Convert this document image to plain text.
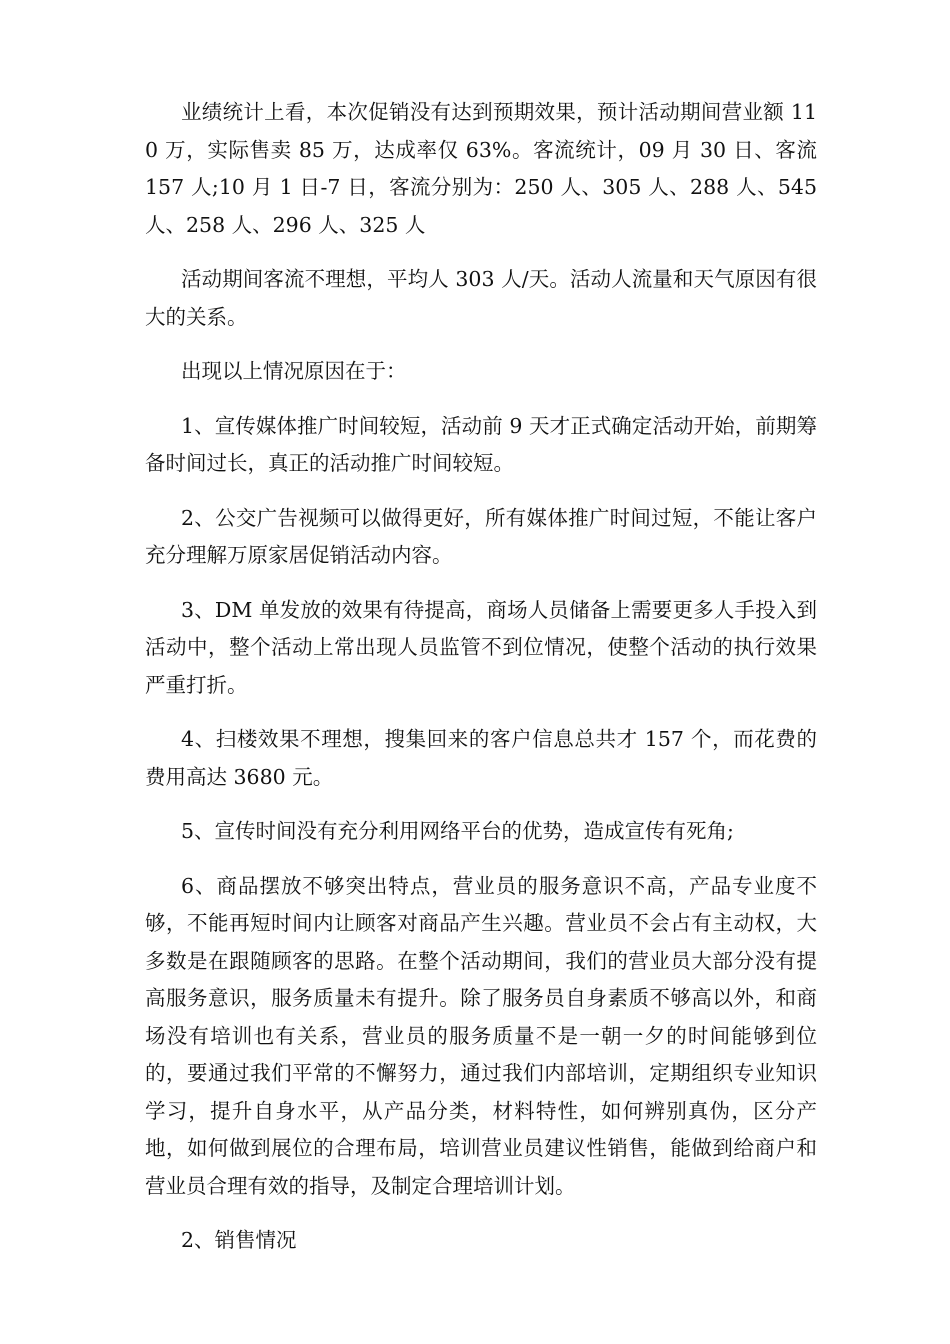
业绩统计上看，本次促销没有达到预期效果，预计活动期间营业额 110 万，实际售卖 85 万，达成率仅 63%。客流统计，09 月 30 日、客流 157 人;10 月 1 日-7 日，客流分别为：250 人、305 人、288 人、545 人、258 人、296 人、325 人

活动期间客流不理想，平均人 303 人/天。活动人流量和天气原因有很大的关系。

出现以上情况原因在于：

1、宣传媒体推广时间较短，活动前 9 天才正式确定活动开始，前期筹备时间过长，真正的活动推广时间较短。

2、公交广告视频可以做得更好，所有媒体推广时间过短，不能让客户充分理解万原家居促销活动内容。

3、DM 单发放的效果有待提高，商场人员储备上需要更多人手投入到活动中，整个活动上常出现人员监管不到位情况，使整个活动的执行效果严重打折。

4、扫楼效果不理想，搜集回来的客户信息总共才 157 个，而花费的费用高达 3680 元。

5、宣传时间没有充分利用网络平台的优势，造成宣传有死角;

6、商品摆放不够突出特点，营业员的服务意识不高，产品专业度不够，不能再短时间内让顾客对商品产生兴趣。营业员不会占有主动权，大多数是在跟随顾客的思路。在整个活动期间，我们的营业员大部分没有提高服务意识，服务质量未有提升。除了服务员自身素质不够高以外，和商场没有培训也有关系，营业员的服务质量不是一朝一夕的时间能够到位的，要通过我们平常的不懈努力，通过我们内部培训，定期组织专业知识学习，提升自身水平，从产品分类，材料特性，如何辨别真伪，区分产地，如何做到展位的合理布局，培训营业员建议性销售，能做到给商户和营业员合理有效的指导，及制定合理培训计划。

2、销售情况
